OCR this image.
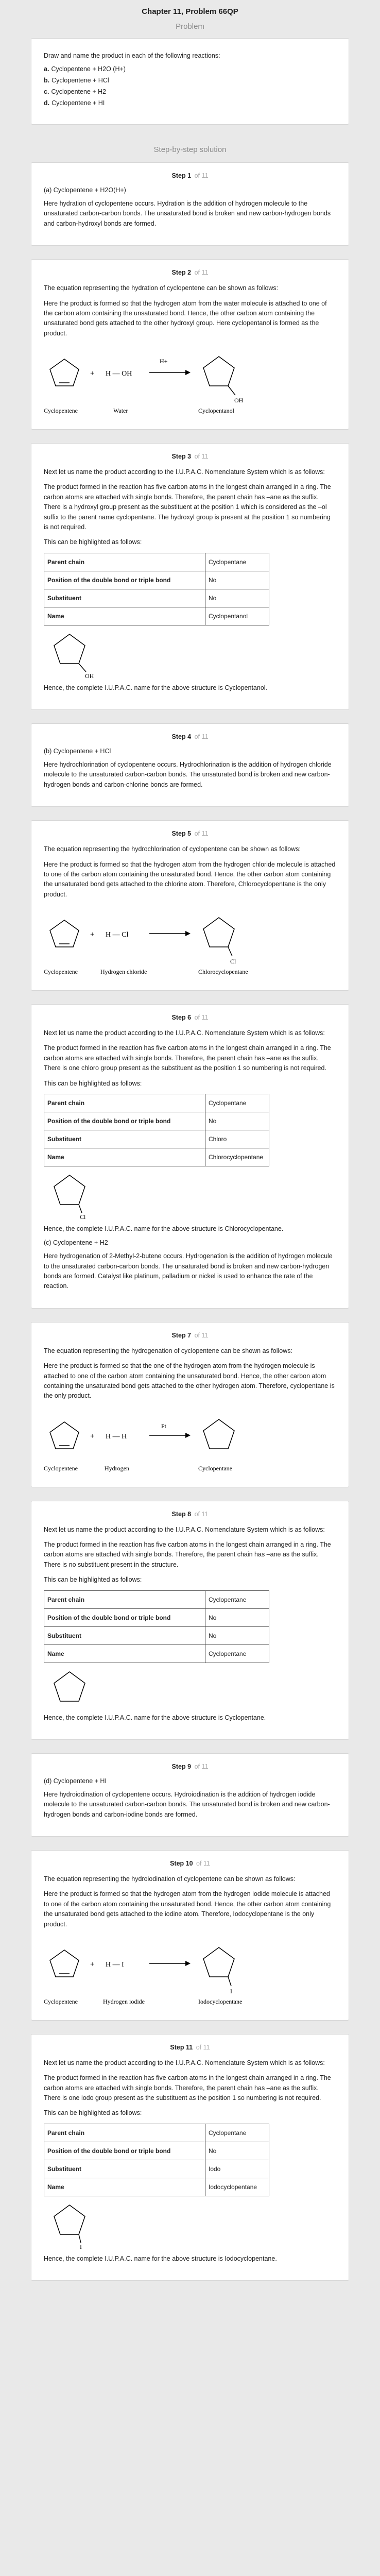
Chapter 11, Problem 66QP
Problem

Draw and name the product in each of the following reactions:

a. Cyclopentene + H2O (H+)
b. Cyclopentene + HCl
c. Cyclopentene + H2
d. Cyclopentene + HI
Step-by-step solution
Step 1 of 11
(a) Cyclopentene + H2O(H+)

Here hydration of cyclopentene occurs. Hydration is the addition of hydrogen molecule to the unsaturated carbon-carbon bonds. The unsaturated bond is broken and new carbon-hydrogen bonds and carbon-hydroxyl bonds are formed.

Step 2 of 11

The equation representing the hydration of cyclopentene can be shown as follows:

Here the product is formed so that the hydrogen atom from the water molecule is attached to one of the carbon atom containing the unsaturated bond. Hence, the other carbon atom containing the unsaturated bond gets attached to the other hydroxyl group. Here cyclopentanol is formed as the product.

+ H — OH
H+
OH
Cyclopentene	Water	Cyclopentanol
Step 3 of 11

Next let us name the product according to the I.U.P.A.C. Nomenclature System which is as follows:

The product formed in the reaction has five carbon atoms in the longest chain arranged in a ring. The carbon atoms are attached with single bonds. Therefore, the parent chain has –ane as the suffix. There is a hydroxyl group present as the substituent at the position 1 which is considered as the –ol suffix to the parent name cyclopentane. The hydroxyl group is present at the position 1 so numbering is not required.

This can be highlighted as follows:

Parent chain	Cyclopentane
Position of the double bond or triple bond	No
Substituent	No
Name	Cyclopentanol
OH

Hence, the complete I.U.P.A.C. name for the above structure is Cyclopentanol.

Step 4 of 11
(b) Cyclopentene + HCl

Here hydrochlorination of cyclopentene occurs. Hydrochlorination is the addition of hydrogen chloride molecule to the unsaturated carbon-carbon bonds. The unsaturated bond is broken and new carbon-hydrogen bonds and carbon-chlorine bonds are formed.

Step 5 of 11

The equation representing the hydrochlorination of cyclopentene can be shown as follows:

Here the product is formed so that the hydrogen atom from the hydrogen chloride molecule is attached to one of the carbon atom containing the unsaturated bond. Hence, the other carbon atom containing the unsaturated bond gets attached to the chlorine atom. Therefore, Chlorocyclopentane is the only product.

+ H — Cl
Cl
Cyclopentene	Hydrogen chloride	Chlorocyclopentane
Step 6 of 11

Next let us name the product according to the I.U.P.A.C. Nomenclature System which is as follows:

The product formed in the reaction has five carbon atoms in the longest chain arranged in a ring. The carbon atoms are attached with single bonds. Therefore, the parent chain has –ane as the suffix. There is one chloro group present as the substituent as the position 1 so numbering is not required.

This can be highlighted as follows:

Parent chain	Cyclopentane
Position of the double bond or triple bond	No
Substituent	Chloro
Name	Chlorocyclopentane
Cl

Hence, the complete I.U.P.A.C. name for the above structure is Chlorocyclopentane.

(c) Cyclopentene + H2

Here hydrogenation of 2-Methyl-2-butene occurs. Hydrogenation is the addition of hydrogen molecule to the unsaturated carbon-carbon bonds. The unsaturated bond is broken and new carbon-hydrogen bonds are formed. Catalyst like platinum, palladium or nickel is used to enhance the rate of the reaction.

Step 7 of 11

The equation representing the hydrogenation of cyclopentene can be shown as follows:

Here the product is formed so that the one of the hydrogen atom from the hydrogen molecule is attached to one of the carbon atom containing the unsaturated bond. Hence, the other carbon atom containing the unsaturated bond gets attached to the other hydrogen atom. Therefore, cyclopentane is the only product.

+ H — H
Pt
Cyclopentene	Hydrogen	Cyclopentane
Step 8 of 11

Next let us name the product according to the I.U.P.A.C. Nomenclature System which is as follows:

The product formed in the reaction has five carbon atoms in the longest chain arranged in a ring. The carbon atoms are attached with single bonds. Therefore, the parent chain has –ane as the suffix. There is no substituent present in the structure.

This can be highlighted as follows:

Parent chain	Cyclopentane
Position of the double bond or triple bond	No
Substituent	No
Name	Cyclopentane

Hence, the complete I.U.P.A.C. name for the above structure is Cyclopentane.

Step 9 of 11
(d) Cyclopentene + HI

Here hydroiodination of cyclopentene occurs. Hydroiodination is the addition of hydrogen iodide molecule to the unsaturated carbon-carbon bonds. The unsaturated bond is broken and new carbon-hydrogen bonds and carbon-iodine bonds are formed.

Step 10 of 11

The equation representing the hydroiodination of cyclopentene can be shown as follows:

Here the product is formed so that the hydrogen atom from the hydrogen iodide molecule is attached to one of the carbon atom containing the unsaturated bond. Hence, the other carbon atom containing the unsaturated bond gets attached to the iodine atom. Therefore, Iodocyclopentane is the only product.

+ H — I
I
Cyclopentene	Hydrogen iodide	Iodocyclopentane
Step 11 of 11

Next let us name the product according to the I.U.P.A.C. Nomenclature System which is as follows:

The product formed in the reaction has five carbon atoms in the longest chain arranged in a ring. The carbon atoms are attached with single bonds. Therefore, the parent chain has –ane as the suffix. There is one iodo group present as the substituent as the position 1 so numbering is not required.

This can be highlighted as follows:

Parent chain	Cyclopentane
Position of the double bond or triple bond	No
Substituent	Iodo
Name	Iodocyclopentane
I

Hence, the complete I.U.P.A.C. name for the above structure is Iodocyclopentane.
